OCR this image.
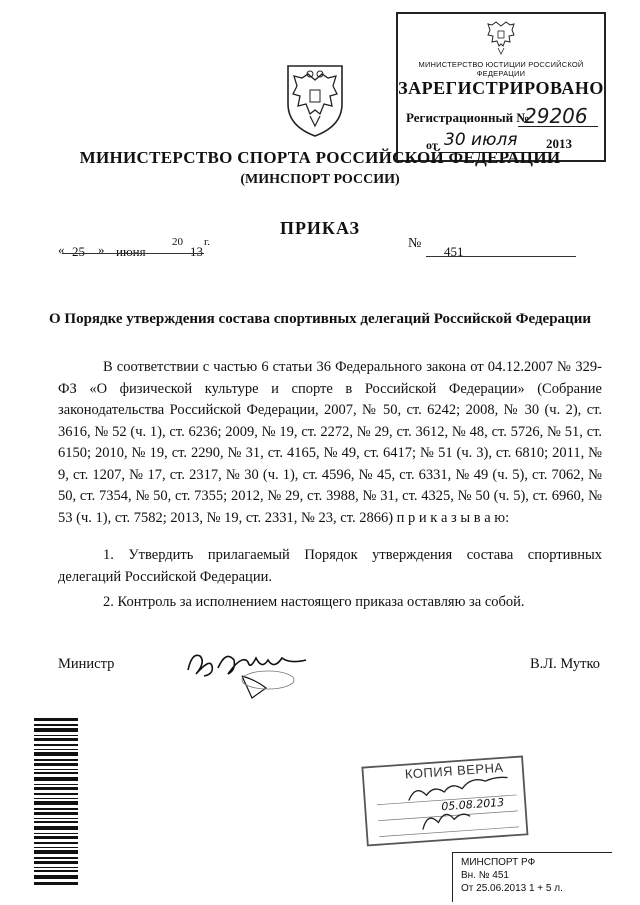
МИНИСТЕРСТВО ЮСТИЦИИ РОССИЙСКОЙ ФЕДЕРАЦИИ
ЗАРЕГИСТРИРОВАНО
Регистрационный №
29206
от 30 июля 2013
МИНИСТЕРСТВО СПОРТА РОССИЙСКОЙ ФЕДЕРАЦИИ
(МИНСПОРТ РОССИИ)
ПРИКАЗ
« 25 » июня
20
13
г.	№
451
О Порядке утверждения состава спортивных делегаций Российской Федерации

В соответствии с частью 6 статьи 36 Федерального закона от 04.12.2007 № 329-ФЗ «О физической культуре и спорте в Российской Федерации» (Собрание законодательства Российской Федерации, 2007, № 50, ст. 6242; 2008, № 30 (ч. 2), ст. 3616, № 52 (ч. 1), ст. 6236; 2009, № 19, ст. 2272, № 29, ст. 3612, № 48, ст. 5726, № 51, ст. 6150; 2010, № 19, ст. 2290, № 31, ст. 4165, № 49, ст. 6417; № 51 (ч. 3), ст. 6810; 2011, № 9, ст. 1207, № 17, ст. 2317, № 30 (ч. 1), ст. 4596, № 45, ст. 6331, № 49 (ч. 5), ст. 7062, № 50, ст. 7354, № 50, ст. 7355; 2012, № 29, ст. 3988, № 31, ст. 4325, № 50 (ч. 5), ст. 6960, № 53 (ч. 1), ст. 7582; 2013, № 19, ст. 2331, № 23, ст. 2866) п р и к а з ы в а ю:

1. Утвердить прилагаемый Порядок утверждения состава спортивных делегаций Российской Федерации.
2. Контроль за исполнением настоящего приказа оставляю за собой.
Министр	В.Л. Мутко
КОПИЯ ВЕРНА
05.08.2013
МИНСПОРТ РФ
Вн. № 451
От 25.06.2013 1 + 5 л.
